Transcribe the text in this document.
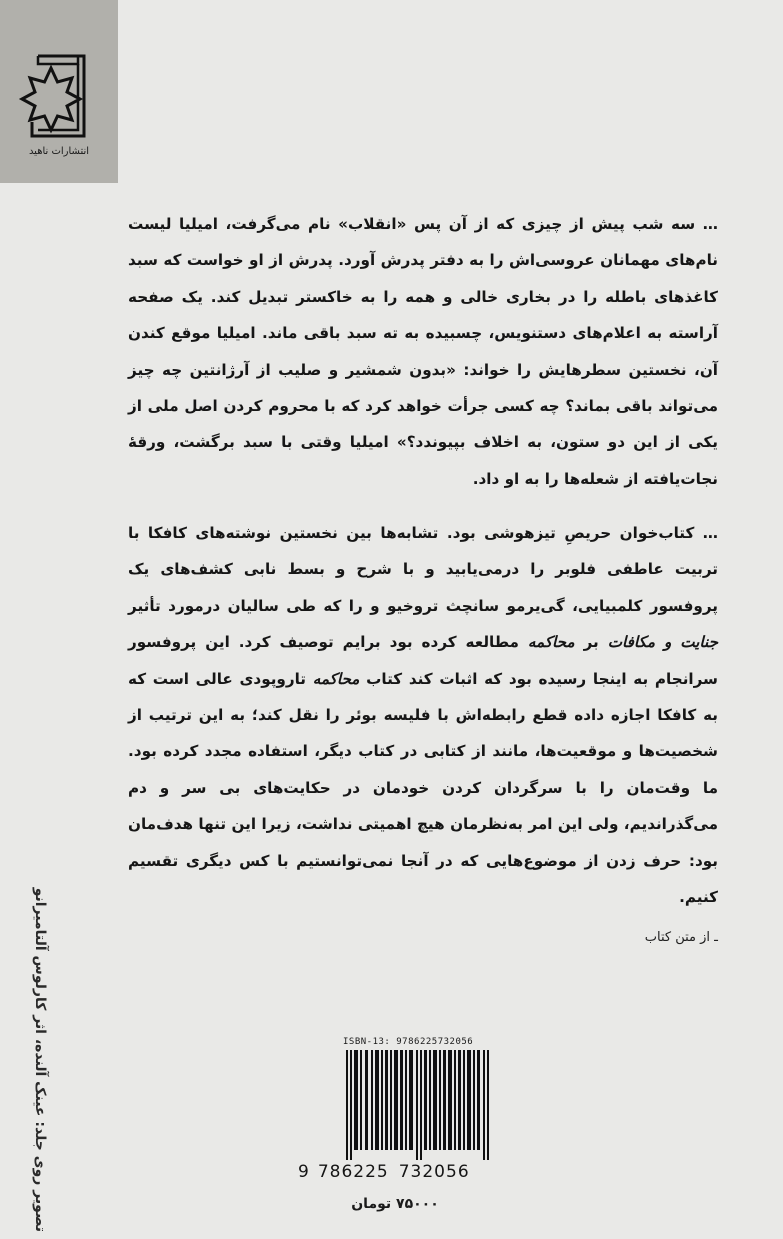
انتشارات ناهید

… سه شب پیش از چیزی که از آن پس «انقلاب» نام می‌گرفت، امیلیا لیست نام‌های مهمانان عروسی‌اش را به دفتر پدرش آورد. پدرش از او خواست که سبد کاغذهای باطله را در بخاری خالی و همه را به خاکستر تبدیل کند. یک صفحه آراسته به اعلام‌های دستنویس، چسبیده به ته سبد باقی ماند. امیلیا موقع کندن آن، نخستین سطرهایش را خواند: «بدون شمشیر و صلیب از آرژانتین چه چیز می‌تواند باقی بماند؟ چه کسی جرأت خواهد کرد که با محروم کردن اصل ملی از یکی از این دو ستون، به اخلاف بپیوندد؟» امیلیا وقتی با سبد برگشت، ورقهٔ نجات‌یافته از شعله‌ها را به او داد.

… کتاب‌خوان حریصِ تیزهوشی بود. تشابه‌ها بین نخستین نوشته‌های کافکا با تربیت عاطفی فلوبر را درمی‌یابید و با شرح و بسط نابی کشف‌های یک پروفسور کلمبیایی، گی‌یرمو سانچث تروخیو و را که طی سالیان درمورد تأثیر جنایت و مکافات بر محاکمه مطالعه کرده بود برایم توصیف کرد. این پروفسور سرانجام به اینجا رسیده بود که اثبات کند کتاب محاکمه تاروپودی عالی است که به کافکا اجازه داده قطع رابطه‌اش با فلیسه بوئر را نقل کند؛ به این ترتیب از شخصیت‌ها و موقعیت‌ها، مانند از کتابی در کتاب دیگر، استفاده مجدد کرده بود. ما وقت‌مان را با سرگردان کردن خودمان در حکایت‌های بی سر و دم می‌گذراندیم، ولی این امر به‌نظرمان هیچ اهمیتی نداشت، زیرا این تنها هدف‌مان بود: حرف زدن از موضوع‌هایی که در آنجا نمی‌توانستیم با کس دیگری تقسیم کنیم.

ـ از متن کتاب
تصویر روی جلد: عینک آلنده، اثر کارلوس آلتامیرانو	ISBN-13: 9786225732056
9 786225 732056
۷۵۰۰۰ تومان
